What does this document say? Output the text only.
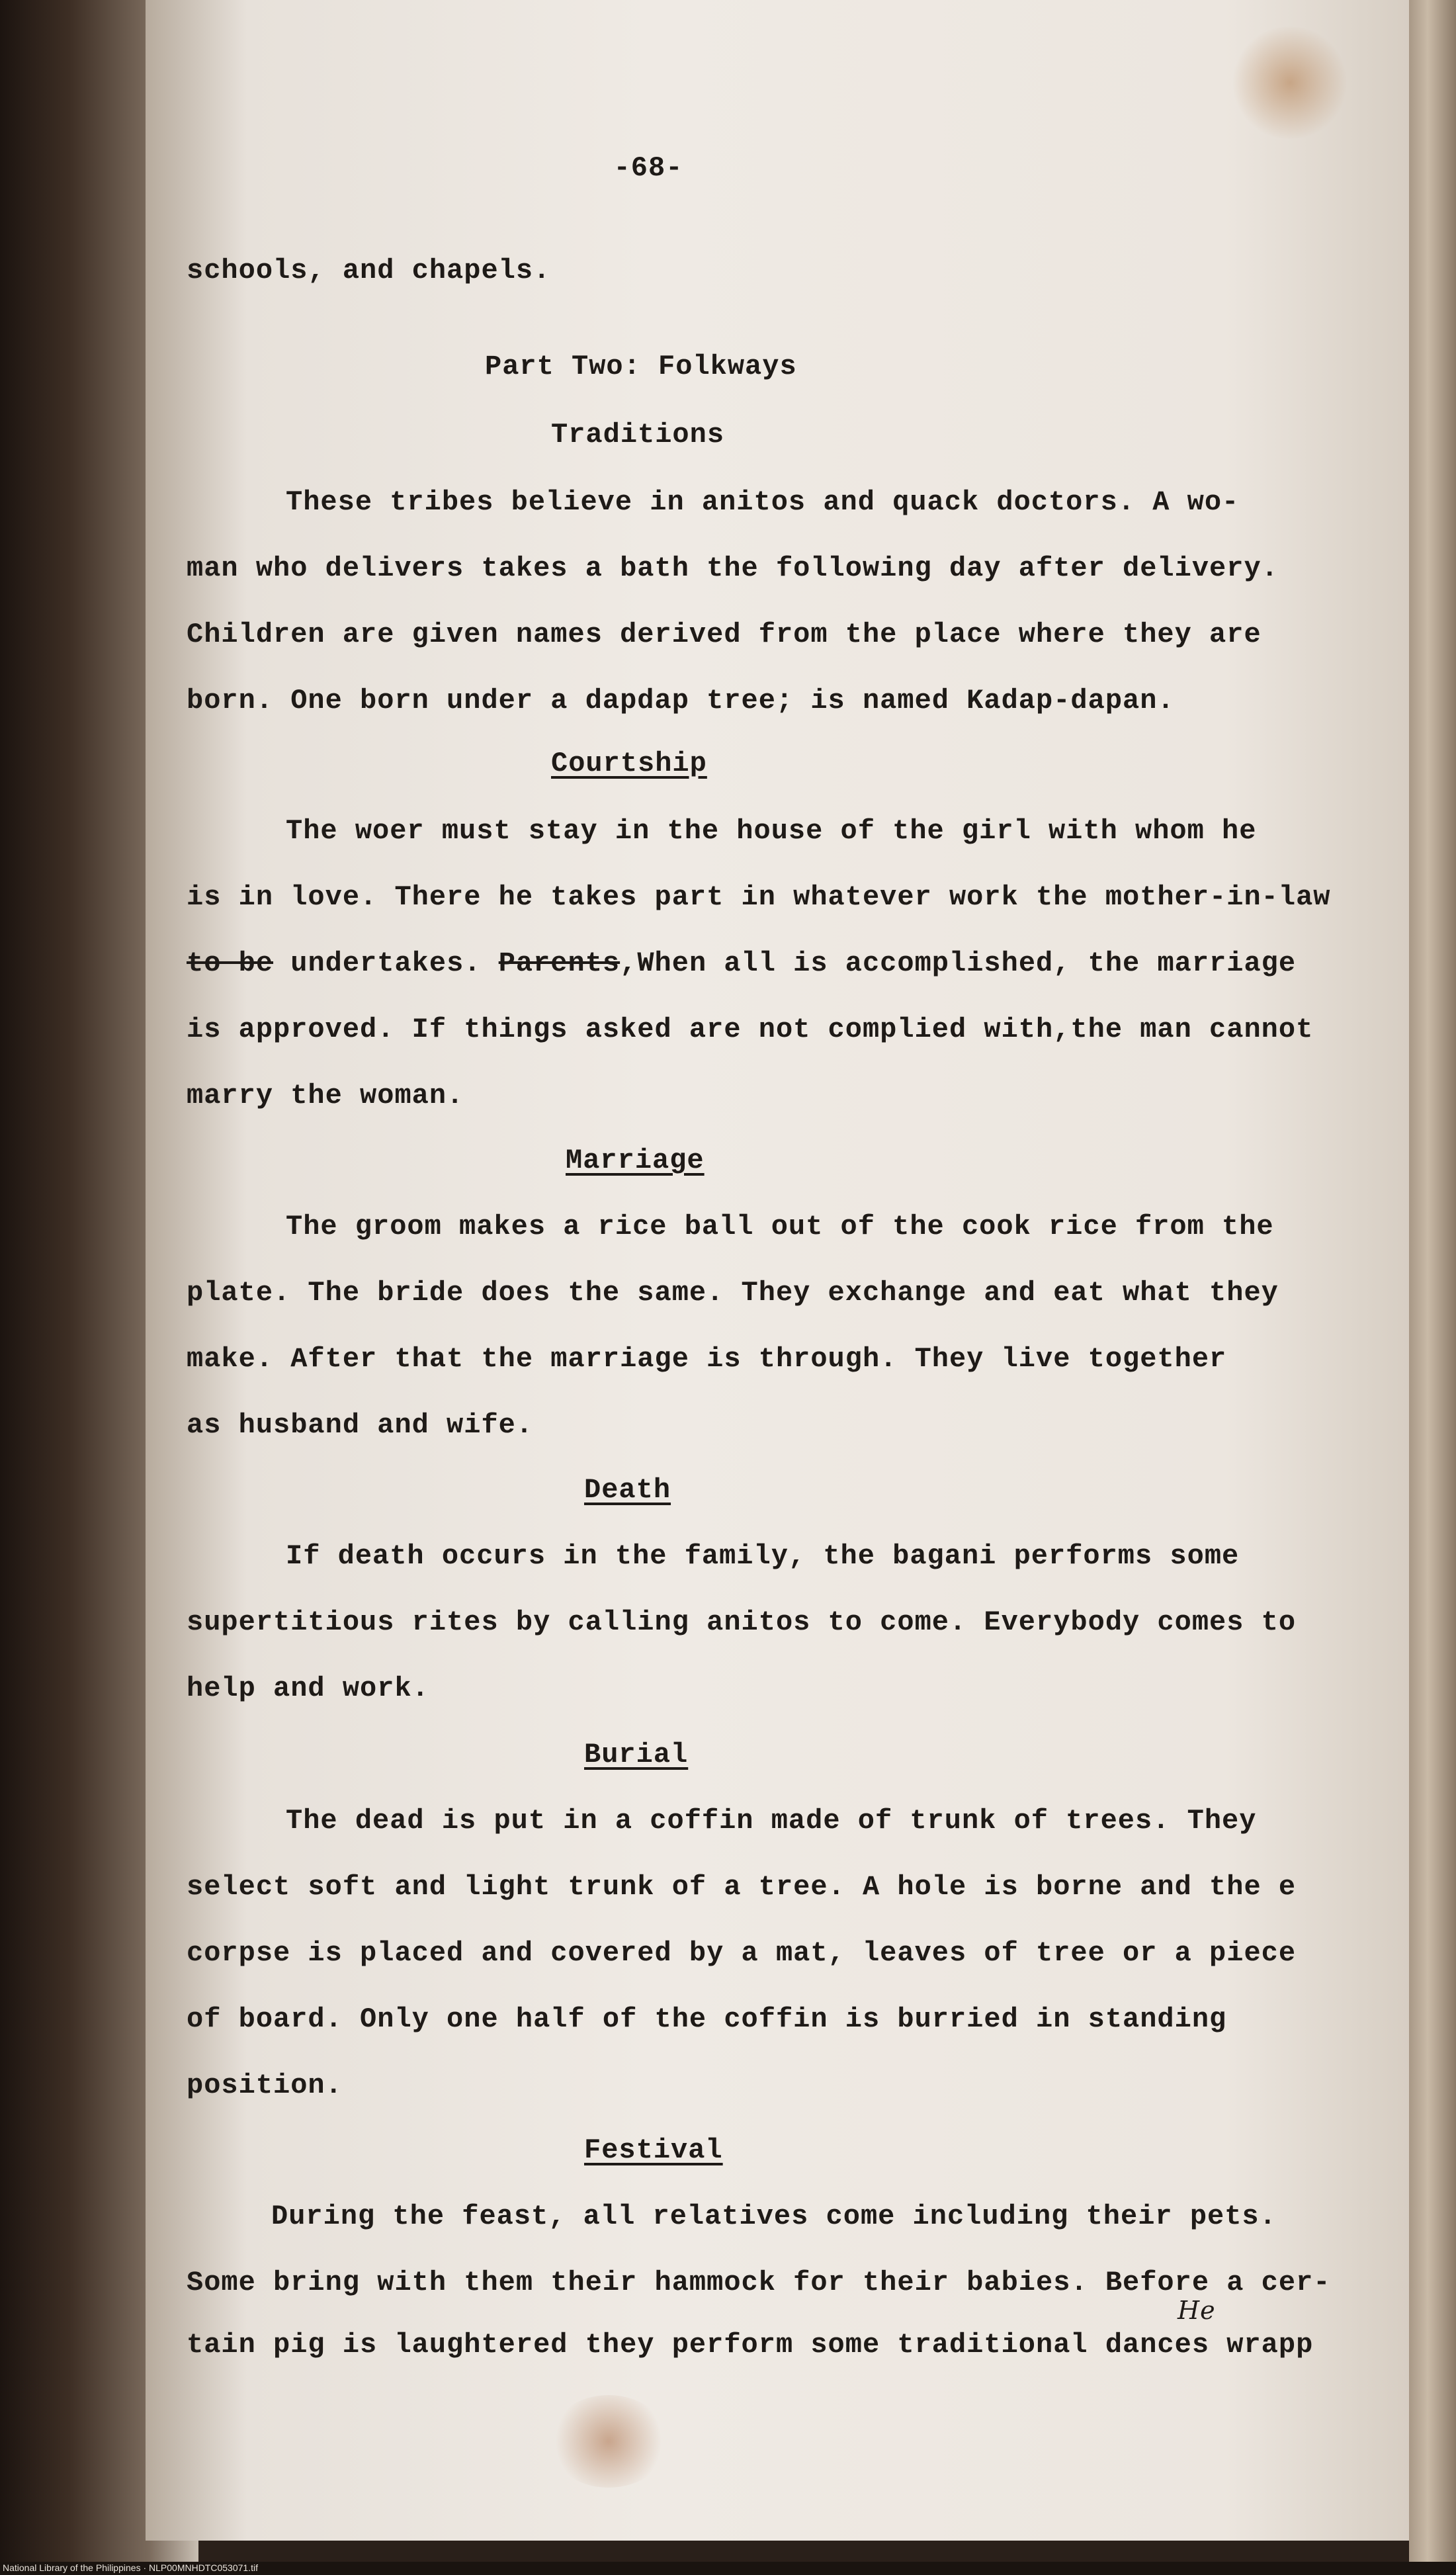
-68-
schools, and chapels.
Part Two: Folkways
Traditions
These tribes believe in anitos and quack doctors. A wo-
man who delivers takes a bath the following day after delivery.
Children are given names derived from the place where they are
born. One born under a dapdap tree; is named Kadap-dapan.
Courtship
The woer must stay in the house of the girl with whom he
is in love. There he takes part in whatever work the mother-in-law
to be undertakes. Parents,When all is accomplished, the marriage
is approved. If things asked are not complied with,the man cannot
marry the woman.
Marriage
The groom makes a rice ball out of the cook rice from the
plate. The bride does the same. They exchange and eat what they
make. After that the marriage is through. They live together
as husband and wife.
Death
If death occurs in the family, the bagani performs some
supertitious rites by calling anitos to come. Everybody comes to
help and work.
Burial
The dead is put in a coffin made of trunk of trees. They
select soft and light trunk of a tree. A hole is borne and the e
corpse is placed and covered by a mat, leaves of tree or a piece
of board. Only one half of the coffin is burried in standing
position.
Festival
During the feast, all relatives come including their pets.
Some bring with them their hammock for their babies. Before a cer-
tain pig is laughtered they perform some traditional dances wrapp
He
National Library of the Philippines · NLP00MNHDTC053071.tif
